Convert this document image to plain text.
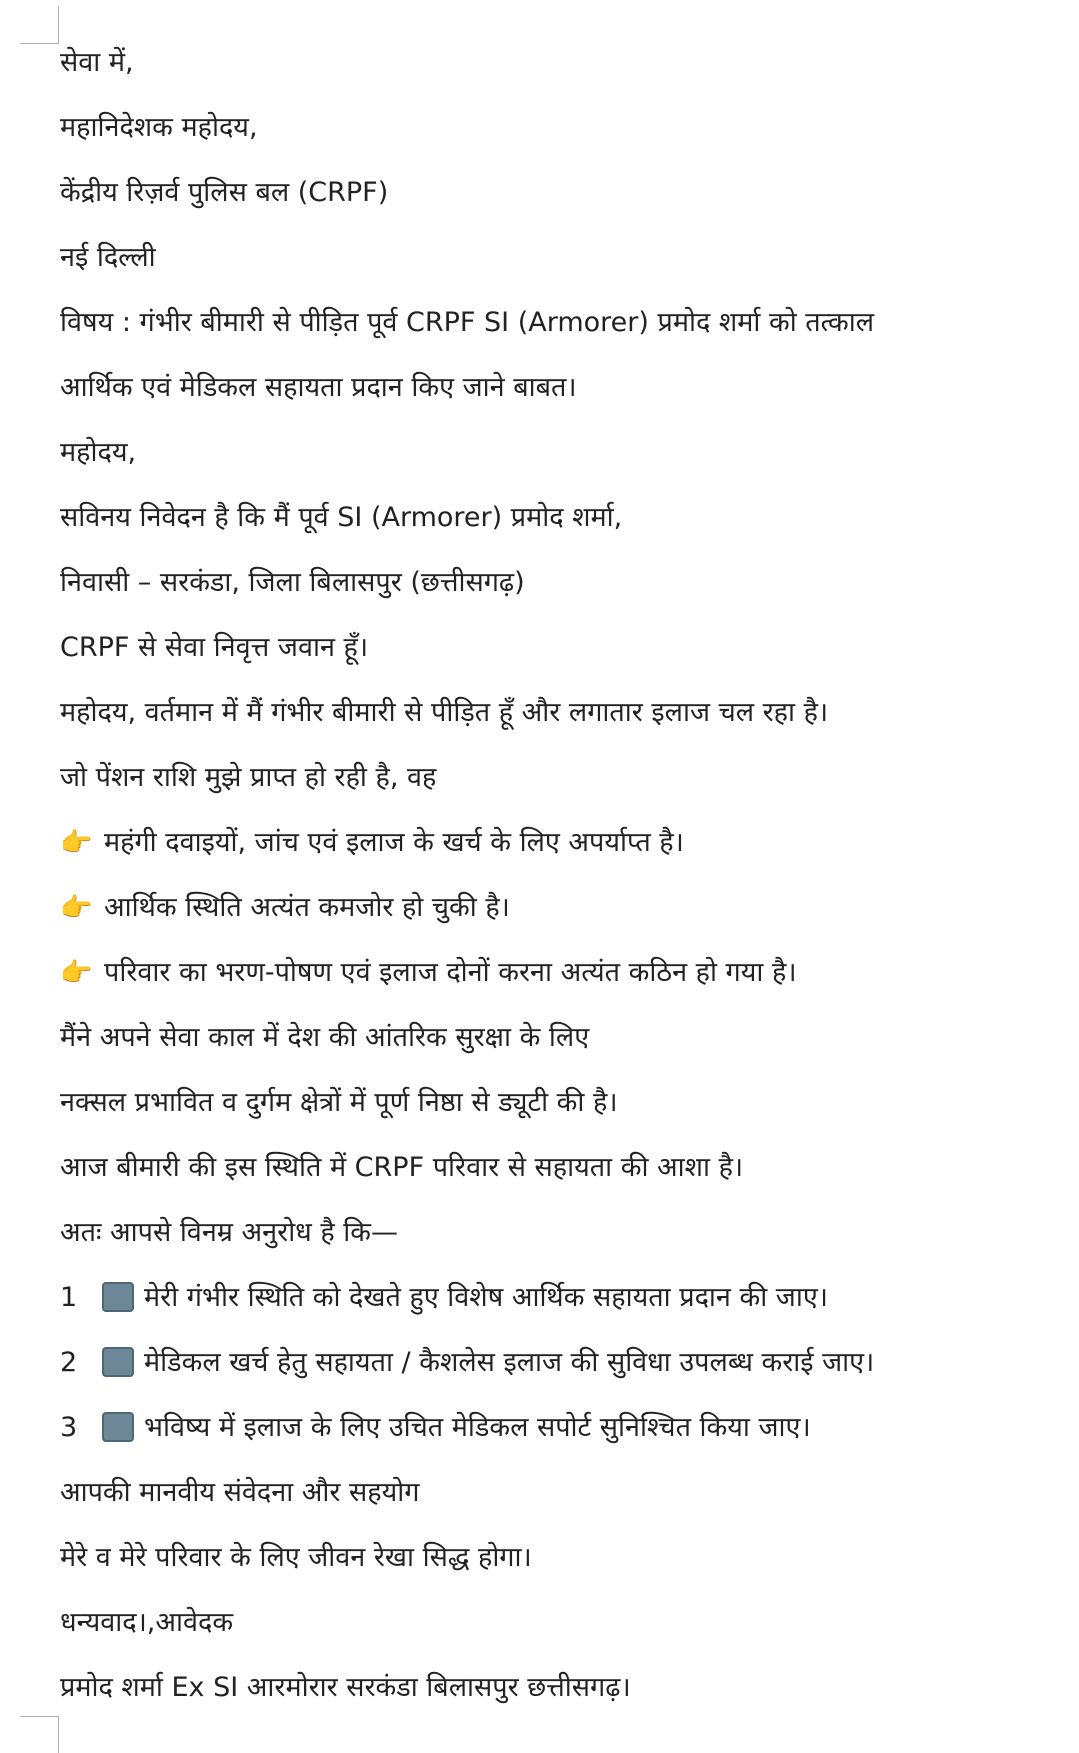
सेवा में,
महानिदेशक महोदय,
केंद्रीय रिज़र्व पुलिस बल (CRPF)
नई दिल्ली
विषय : गंभीर बीमारी से पीड़ित पूर्व CRPF SI (Armorer) प्रमोद शर्मा को तत्काल
आर्थिक एवं मेडिकल सहायता प्रदान किए जाने बाबत।
महोदय,
सविनय निवेदन है कि मैं पूर्व SI (Armorer) प्रमोद शर्मा,
निवासी – सरकंडा, जिला बिलासपुर (छत्तीसगढ़)
CRPF से सेवा निवृत्त जवान हूँ।
महोदय, वर्तमान में मैं गंभीर बीमारी से पीड़ित हूँ और लगातार इलाज चल रहा है।
जो पेंशन राशि मुझे प्राप्त हो रही है, वह
👉 महंगी दवाइयों, जांच एवं इलाज के खर्च के लिए अपर्याप्त है।
👉 आर्थिक स्थिति अत्यंत कमजोर हो चुकी है।
👉 परिवार का भरण-पोषण एवं इलाज दोनों करना अत्यंत कठिन हो गया है।
मैंने अपने सेवा काल में देश की आंतरिक सुरक्षा के लिए
नक्सल प्रभावित व दुर्गम क्षेत्रों में पूर्ण निष्ठा से ड्यूटी की है।
आज बीमारी की इस स्थिति में CRPF परिवार से सहायता की आशा है।
अतः आपसे विनम्र अनुरोध है कि—
1 मेरी गंभीर स्थिति को देखते हुए विशेष आर्थिक सहायता प्रदान की जाए।
2 मेडिकल खर्च हेतु सहायता / कैशलेस इलाज की सुविधा उपलब्ध कराई जाए।
3 भविष्य में इलाज के लिए उचित मेडिकल सपोर्ट सुनिश्चित किया जाए।
आपकी मानवीय संवेदना और सहयोग
मेरे व मेरे परिवार के लिए जीवन रेखा सिद्ध होगा।
धन्यवाद।,आवेदक
प्रमोद शर्मा Ex SI आरमोरार सरकंडा बिलासपुर छत्तीसगढ़।
